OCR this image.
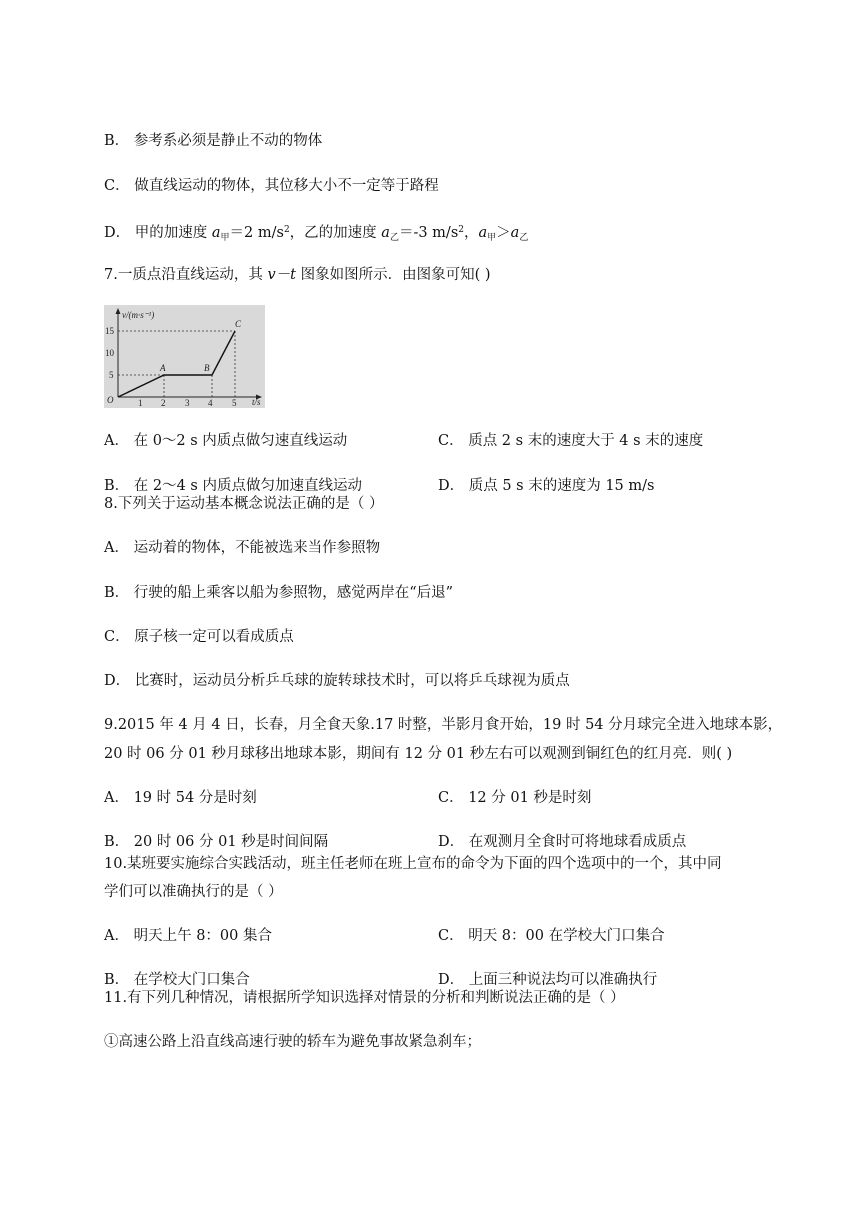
B． 参考系必须是静止不动的物体
C． 做直线运动的物体，其位移大小不一定等于路程
D． 甲的加速度 $a_甲=2$ $m/s^2$，乙的加速度 $a_乙=-3$ $m/s^2$，$a_甲>a_乙$
7.一质点沿直线运动，其 v－t 图象如图所示．由图象可知( )
v/(m·s⁻¹)
t/s
O
15
10
5
1 2 3 4 5
A	B
C
A． 在 0～2 s 内质点做匀速直线运动	C． 质点 2 s 末的速度大于 4 s 末的速度
B． 在 2～4 s 内质点做匀加速直线运动	D． 质点 5 s 末的速度为 15 m/s
8.下列关于运动基本概念说法正确的是（ ）
A． 运动着的物体，不能被选来当作参照物
B． 行驶的船上乘客以船为参照物，感觉两岸在“后退”
C． 原子核一定可以看成质点
D． 比赛时，运动员分析乒乓球的旋转球技术时，可以将乒乓球视为质点
9.2015 年 4 月 4 日，长春，月全食天象.17 时整，半影月食开始，19 时 54 分月球完全进入地球本影，
20 时 06 分 01 秒月球移出地球本影，期间有 12 分 01 秒左右可以观测到铜红色的红月亮．则( )
A． 19 时 54 分是时刻	C． 12 分 01 秒是时刻
B． 20 时 06 分 01 秒是时间间隔	D． 在观测月全食时可将地球看成质点
10.某班要实施综合实践活动，班主任老师在班上宣布的命令为下面的四个选项中的一个，其中同
学们可以准确执行的是（ ）
A． 明天上午 8：00 集合	C． 明天 8：00 在学校大门口集合
B． 在学校大门口集合	D． 上面三种说法均可以准确执行
11.有下列几种情况，请根据所学知识选择对情景的分析和判断说法正确的是（ ）
①高速公路上沿直线高速行驶的轿车为避免事故紧急刹车；
